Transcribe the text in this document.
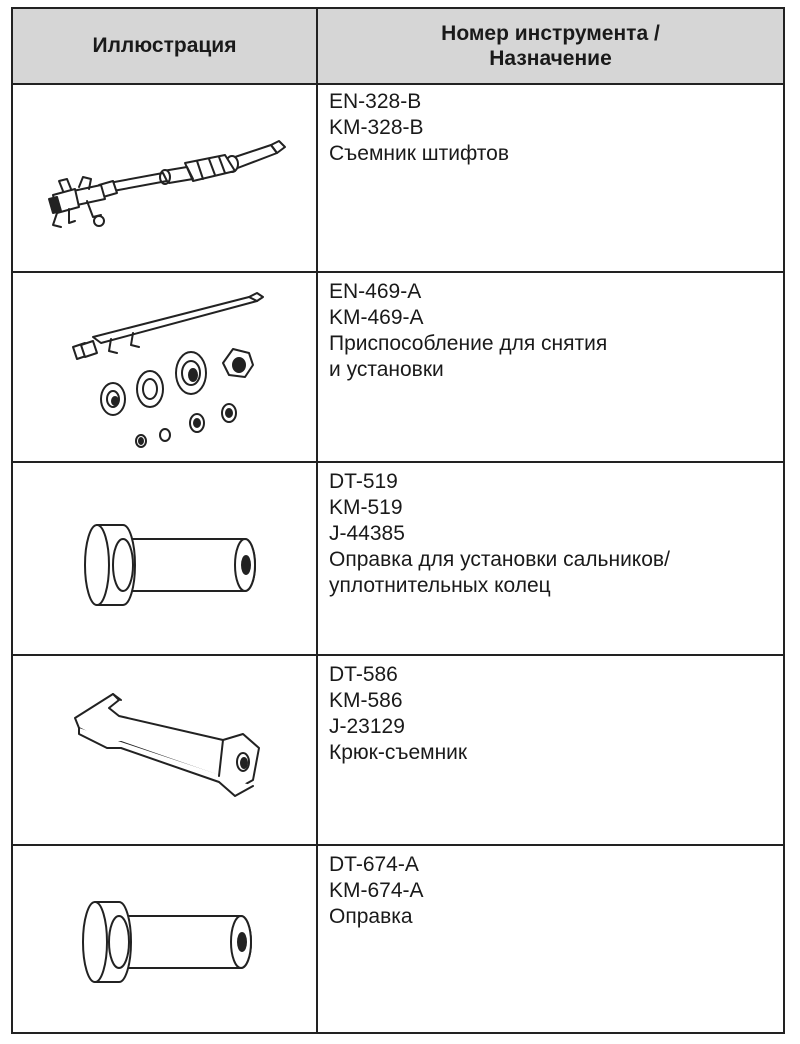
Иллюстрация
Номер инструмента /
Назначение
EN-328-B
KM-328-B
Съемник штифтов
EN-469-A
KM-469-A
Приспособление для снятия
и установки
DT-519
KM-519
J-44385
Оправка для установки сальников/
уплотнительных колец
DT-586
KM-586
J-23129
Крюк-съемник
DT-674-A
KM-674-A
Оправка
